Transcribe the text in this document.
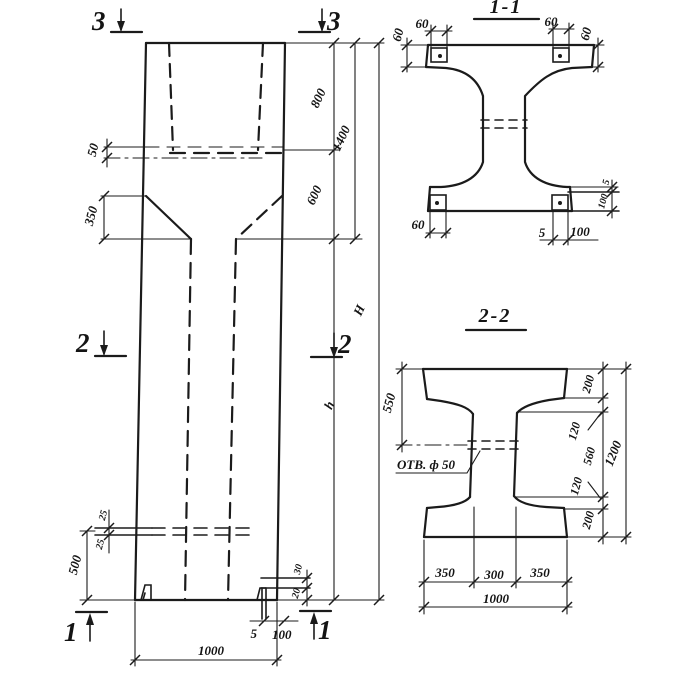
50
350
800
600
1400
H
h
25
25
500	30
20
5 100
1000
3	3
2	2
1	1
1-1
60	60
60	60
60
5 100
5
100
2-2
ОТВ. ф 50
550
200
120
560
120
200
1200
350 300 350
1000
